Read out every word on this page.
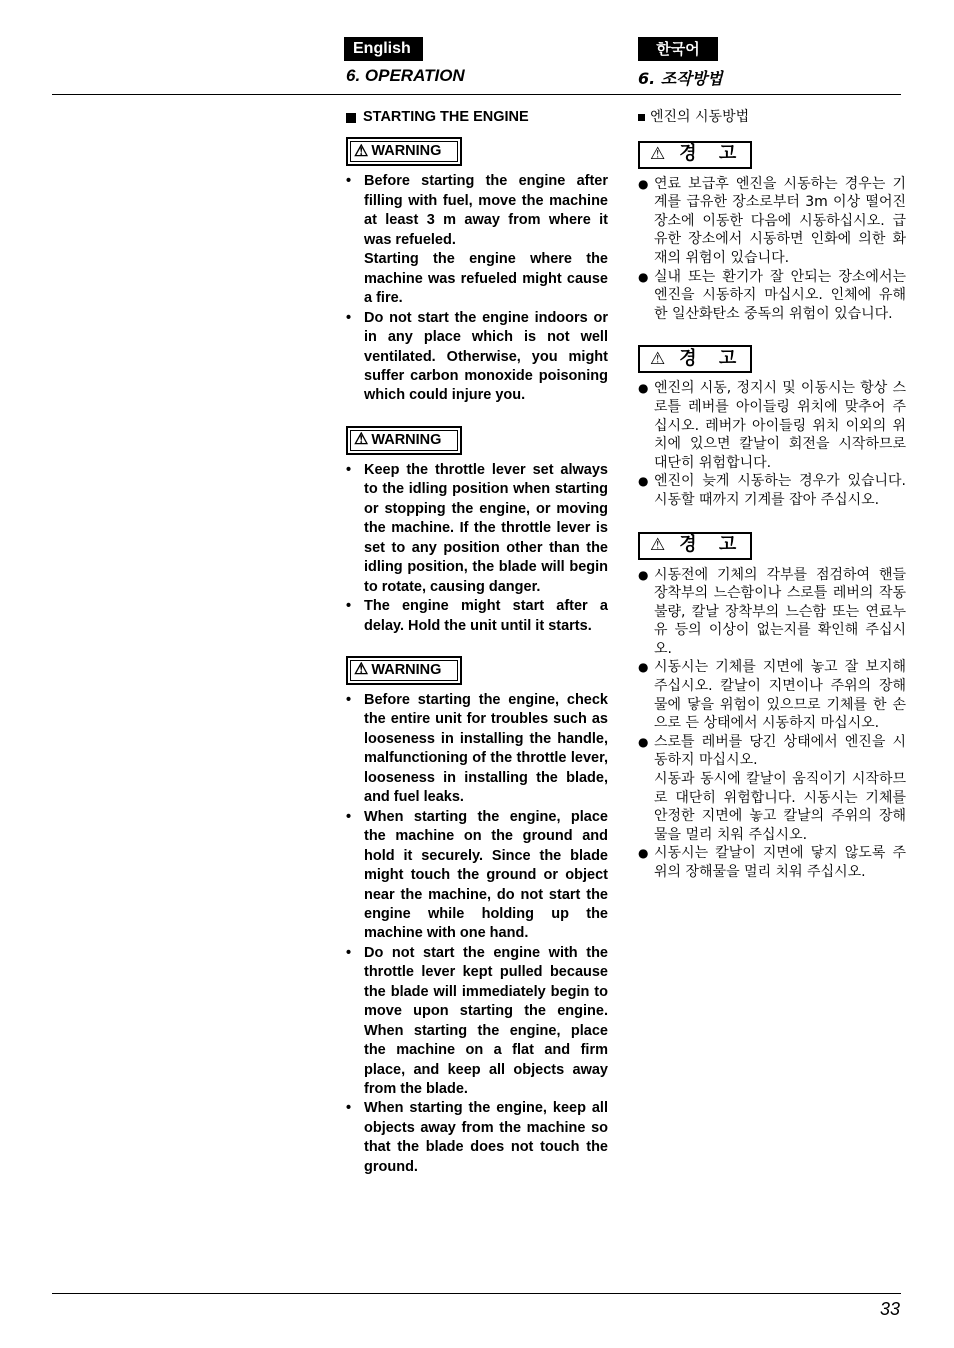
English	한국어
6. OPERATION	6. 조작방법
STARTING THE ENGINE
⚠ WARNING
• Before starting the engine after filling with fuel, move the machine at least 3 m away from where it was refueled.
Starting the engine where the machine was refueled might cause a fire.
• Do not start the engine indoors or in any place which is not well ventilated. Otherwise, you might suffer carbon monoxide poisoning which could injure you.
⚠ WARNING
• Keep the throttle lever set always to the idling position when starting or stopping the engine, or moving the machine. If the throttle lever is set to any position other than the idling position, the blade will begin to rotate, causing danger.
• The engine might start after a delay. Hold the unit until it starts.
⚠ WARNING
• Before starting the engine, check the entire unit for troubles such as looseness in installing the handle, malfunctioning of the throttle lever, looseness in installing the blade, and fuel leaks.
• When starting the engine, place the machine on the ground and hold it securely. Since the blade might touch the ground or object near the machine, do not start the engine while holding up the machine with one hand.
• Do not start the engine with the throttle lever kept pulled because the blade will immediately begin to move upon starting the engine. When starting the engine, place the machine on a flat and firm place, and keep all objects away from the blade.
• When starting the engine, keep all objects away from the machine so that the blade does not touch the ground.
엔진의 시동방법
⚠ 경 고
● 연료 보급후 엔진을 시동하는 경우는 기계를 급유한 장소로부터 3m 이상 떨어진 장소에 이동한 다음에 시동하십시오. 급유한 장소에서 시동하면 인화에 의한 화재의 위험이 있습니다.
● 실내 또는 환기가 잘 안되는 장소에서는 엔진을 시동하지 마십시오. 인체에 유해한 일산화탄소 중독의 위험이 있습니다.
⚠ 경 고
● 엔진의 시동, 정지시 및 이동시는 항상 스로틀 레버를 아이들링 위치에 맞추어 주십시오. 레버가 아이들링 위치 이외의 위치에 있으면 칼날이 회전을 시작하므로 대단히 위험합니다.
● 엔진이 늦게 시동하는 경우가 있습니다. 시동할 때까지 기계를 잡아 주십시오.
⚠ 경 고
● 시동전에 기체의 각부를 점검하여 핸들 장착부의 느슨함이나 스로틀 레버의 작동불량, 칼날 장착부의 느슨함 또는 연료누유 등의 이상이 없는지를 확인해 주십시오.
● 시동시는 기체를 지면에 놓고 잘 보지해 주십시오. 칼날이 지면이나 주위의 장해물에 닿을 위험이 있으므로 기체를 한 손으로 든 상태에서 시동하지 마십시오.
● 스로틀 레버를 당긴 상태에서 엔진을 시동하지 마십시오.
시동과 동시에 칼날이 움직이기 시작하므로 대단히 위험합니다. 시동시는 기체를 안정한 지면에 놓고 칼날의 주위의 장해물을 멀리 치워 주십시오.
● 시동시는 칼날이 지면에 닿지 않도록 주위의 장해물을 멀리 치워 주십시오.
33
